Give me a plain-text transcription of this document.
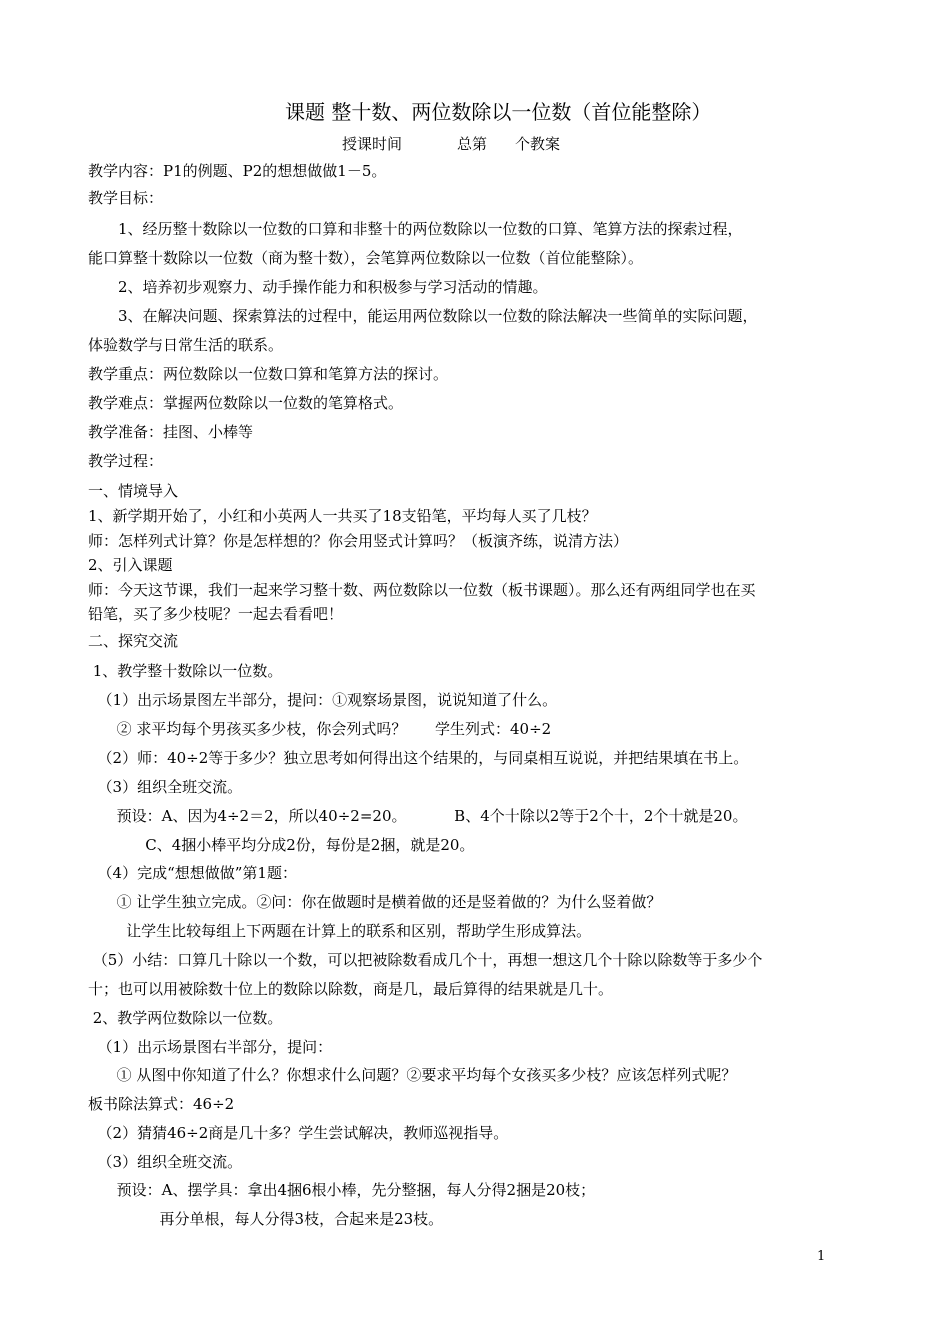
课题 整十数、两位数除以一位数（首位能整除）
授课时间	总第 个教案
教学内容：P1的例题、P2的想想做做1－5。
教学目标：
　　1、经历整十数除以一位数的口算和非整十的两位数除以一位数的口算、笔算方法的探索过程，
能口算整十数除以一位数（商为整十数），会笔算两位数除以一位数（首位能整除）。
　　2、培养初步观察力、动手操作能力和积极参与学习活动的情趣。
　　3、在解决问题、探索算法的过程中，能运用两位数除以一位数的除法解决一些简单的实际问题，
体验数学与日常生活的联系。
教学重点：两位数除以一位数口算和笔算方法的探讨。
教学难点：掌握两位数除以一位数的笔算格式。
教学准备：挂图、小棒等
教学过程：
一、情境导入
1、新学期开始了，小红和小英两人一共买了18支铅笔，平均每人买了几枝？
师：怎样列式计算？你是怎样想的？你会用竖式计算吗？（板演齐练，说清方法）
2、引入课题
师：今天这节课，我们一起来学习整十数、两位数除以一位数（板书课题）。那么还有两组同学也在买
铅笔，买了多少枝呢？一起去看看吧！
二、探究交流
1、教学整十数除以一位数。
（1）出示场景图左半部分，提问：①观察场景图，说说知道了什么。
② 求平均每个男孩买多少枝，你会列式吗？      学生列式：40÷2
（2）师：40÷2等于多少？独立思考如何得出这个结果的，与同桌相互说说，并把结果填在书上。
（3）组织全班交流。
预设：A、因为4÷2＝2，所以40÷2=20。          B、4个十除以2等于2个十，2个十就是20。
C、4捆小棒平均分成2份，每份是2捆，就是20。
（4）完成“想想做做”第1题：
① 让学生独立完成。②问：你在做题时是横着做的还是竖着做的？为什么竖着做？
让学生比较每组上下两题在计算上的联系和区别，帮助学生形成算法。
（5）小结：口算几十除以一个数，可以把被除数看成几个十，再想一想这几个十除以除数等于多少个
十；也可以用被除数十位上的数除以除数，商是几，最后算得的结果就是几十。
2、教学两位数除以一位数。
（1）出示场景图右半部分，提问：
① 从图中你知道了什么？你想求什么问题？②要求平均每个女孩买多少枝？应该怎样列式呢？
板书除法算式：46÷2
（2）猜猜46÷2商是几十多？学生尝试解决，教师巡视指导。
（3）组织全班交流。
预设：A、摆学具：拿出4捆6根小棒，先分整捆，每人分得2捆是20枝；
再分单根，每人分得3枝，合起来是23枝。
1
